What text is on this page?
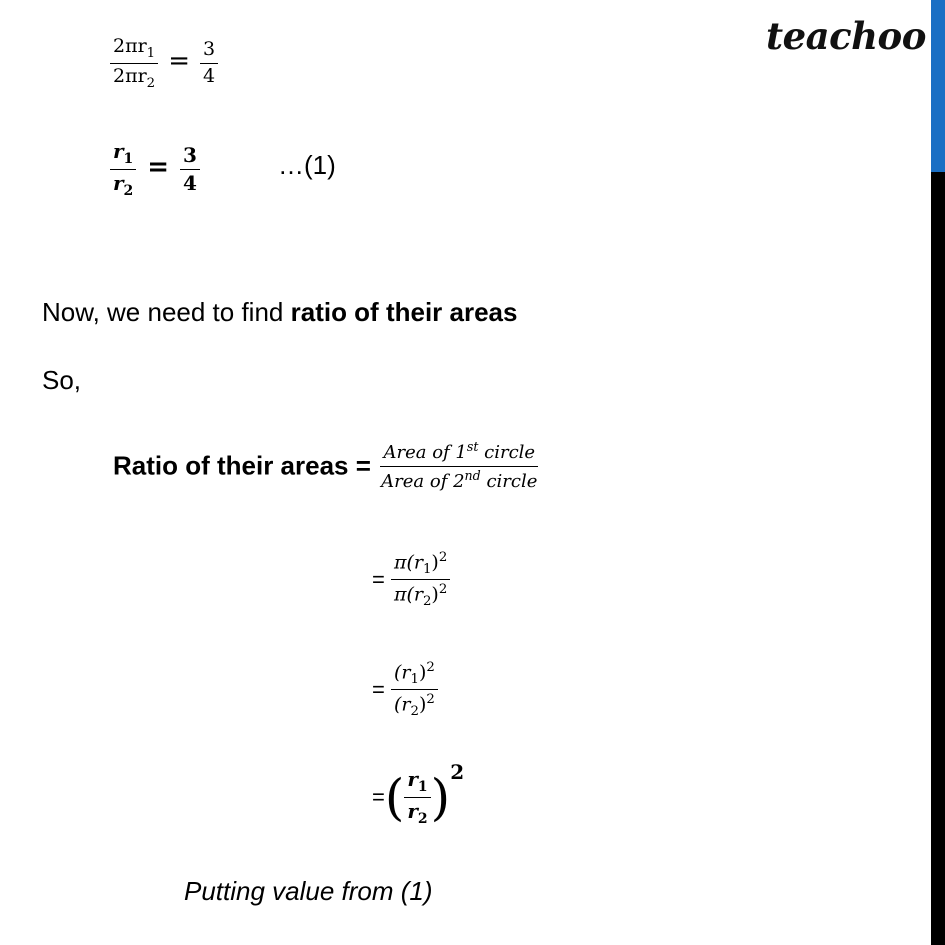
teachoo
$\frac{2\pi r_1}{2\pi r_2} = \frac{3}{4}$
$\frac{r_1}{r_2} = \frac{3}{4}$	…(1)
Now, we need to find ratio of their areas
So,
Ratio of their areas = $\frac{Area of 1^{st} circle}{Area of 2^{nd} circle}$
= $\frac{\pi(r_1)^2}{\pi(r_2)^2}$
= $\frac{(r_1)^2}{(r_2)^2}$
=( $\frac{r_1}{r_2} )2$
Putting value from (1)
